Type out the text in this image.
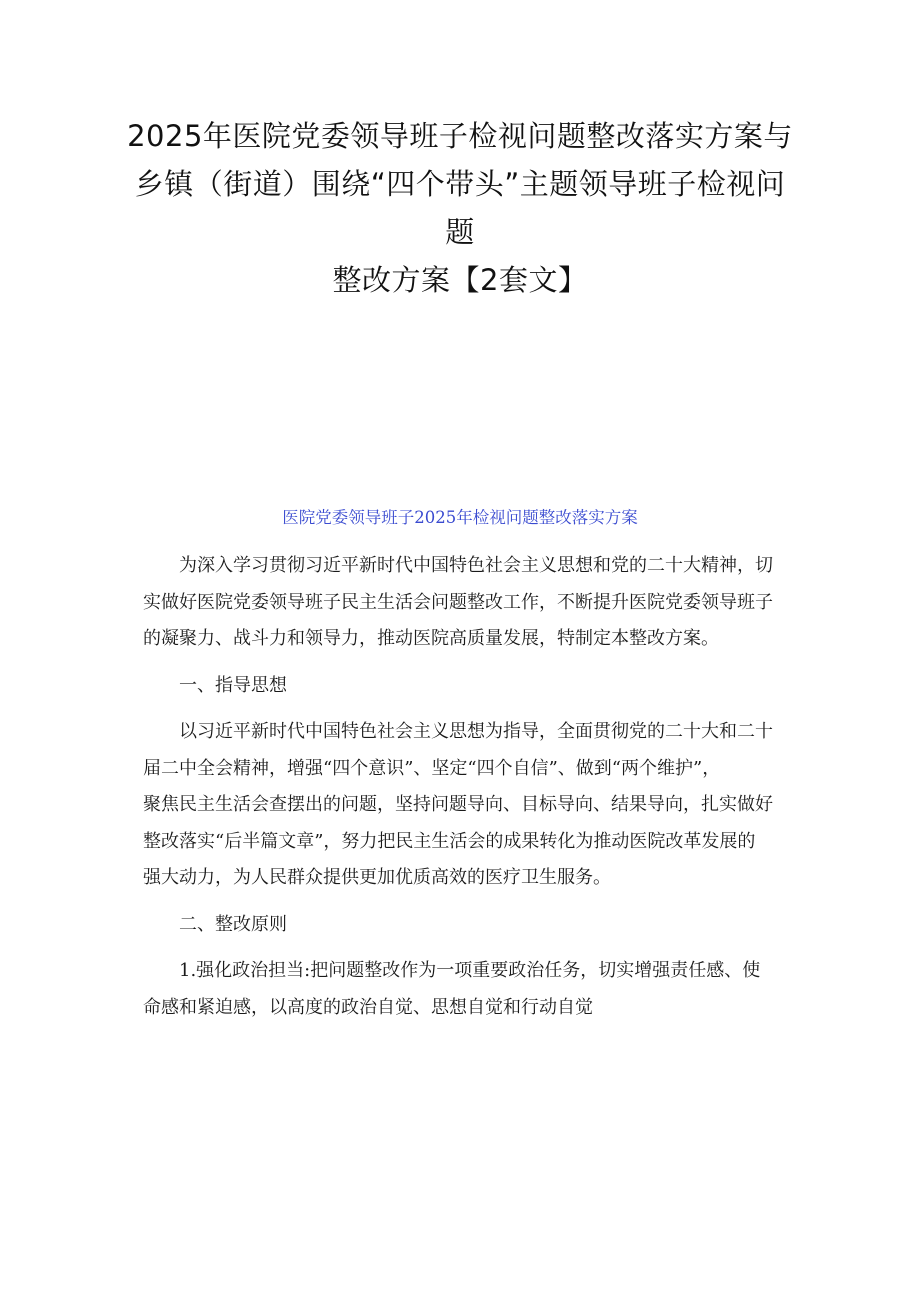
2025年医院党委领导班子检视问题整改落实方案与
乡镇（街道）围绕“四个带头”主题领导班子检视问
题
整改方案【2套文】
医院党委领导班子2025年检视问题整改落实方案
为深入学习贯彻习近平新时代中国特色社会主义思想和党的二十大精神，切
实做好医院党委领导班子民主生活会问题整改工作，不断提升医院党委领导班子
的凝聚力、战斗力和领导力，推动医院高质量发展，特制定本整改方案。
一、指导思想
以习近平新时代中国特色社会主义思想为指导，全面贯彻党的二十大和二十
届二中全会精神，增强“四个意识”、坚定“四个自信”、做到“两个维护”，
聚焦民主生活会查摆出的问题，坚持问题导向、目标导向、结果导向，扎实做好
整改落实“后半篇文章”，努力把民主生活会的成果转化为推动医院改革发展的
强大动力，为人民群众提供更加优质高效的医疗卫生服务。
二、整改原则
1.强化政治担当:把问题整改作为一项重要政治任务，切实增强责任感、使
命感和紧迫感，以高度的政治自觉、思想自觉和行动自觉
